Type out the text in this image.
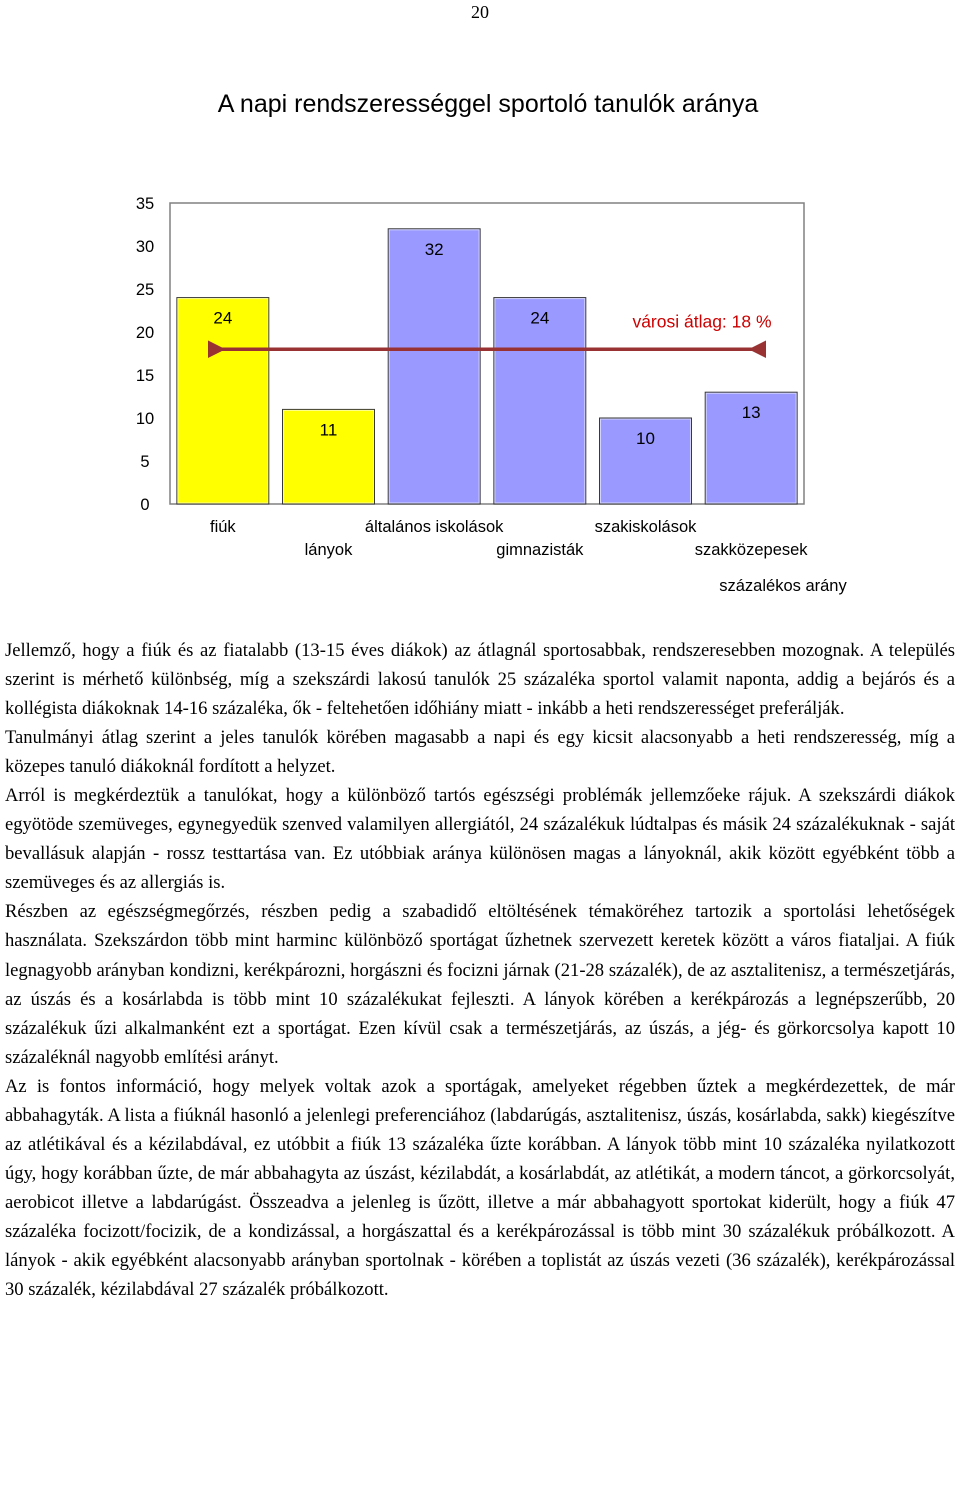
20
A napi rendszerességgel sportoló tanulók aránya
0
5
10
15
20
25
30
35
24
11
32
24
10
13
városi átlag: 18 %
fiúk
lányok
általános iskolások
gimnazisták
szakiskolások
szakközepesek
százalékos arány

Jellemző, hogy a fiúk és az fiatalabb (13-15 éves diákok) az átlagnál sportosabbak, rendszeresebben mozognak. A település szerint is mérhető különbség, míg a szekszárdi lakosú tanulók 25 százaléka sportol valamit naponta, addig a bejárós és a kollégista diákoknak 14-16 százaléka, ők - feltehetően időhiány miatt - inkább a heti rendszerességet preferálják.

Tanulmányi átlag szerint a jeles tanulók körében magasabb a napi és egy kicsit alacsonyabb a heti rendszeresség, míg a közepes tanuló diákoknál fordított a helyzet.

Arról is megkérdeztük a tanulókat, hogy a különböző tartós egészségi problémák jellemzőeke rájuk. A szekszárdi diákok egyötöde szemüveges, egynegyedük szenved valamilyen allergiától, 24 százalékuk lúdtalpas és másik 24 százalékuknak - saját bevallásuk alapján - rossz testtartása van. Ez utóbbiak aránya különösen magas a lányoknál, akik között egyébként több a szemüveges és az allergiás is.

Részben az egészségmegőrzés, részben pedig a szabadidő eltöltésének témaköréhez tartozik a sportolási lehetőségek használata. Szekszárdon több mint harminc különböző sportágat űzhetnek szervezett keretek között a város fiataljai. A fiúk legnagyobb arányban kondizni, kerékpározni, horgászni és focizni járnak (21-28 százalék), de az asztalitenisz, a természetjárás, az úszás és a kosárlabda is több mint 10 százalékukat fejleszti. A lányok körében a kerékpározás a legnépszerűbb, 20 százalékuk űzi alkalmanként ezt a sportágat. Ezen kívül csak a természetjárás, az úszás, a jég- és görkorcsolya kapott 10 százaléknál nagyobb említési arányt.

Az is fontos információ, hogy melyek voltak azok a sportágak, amelyeket régebben űztek a megkérdezettek, de már abbahagyták. A lista a fiúknál hasonló a jelenlegi preferenciához (labdarúgás, asztalitenisz, úszás, kosárlabda, sakk) kiegészítve az atlétikával és a kézilabdával, ez utóbbit a fiúk 13 százaléka űzte korábban. A lányok több mint 10 százaléka nyilatkozott úgy, hogy korábban űzte, de már abbahagyta az úszást, kézilabdát, a kosárlabdát, az atlétikát, a modern táncot, a görkorcsolyát, aerobicot illetve a labdarúgást. Összeadva a jelenleg is űzött, illetve a már abbahagyott sportokat kiderült, hogy a fiúk 47 százaléka focizott/focizik, de a kondizással, a horgászattal és a kerékpározással is több mint 30 százalékuk próbálkozott. A lányok - akik egyébként alacsonyabb arányban sportolnak - körében a toplistát az úszás vezeti (36 százalék), kerékpározással 30 százalék, kézilabdával 27 százalék próbálkozott.
